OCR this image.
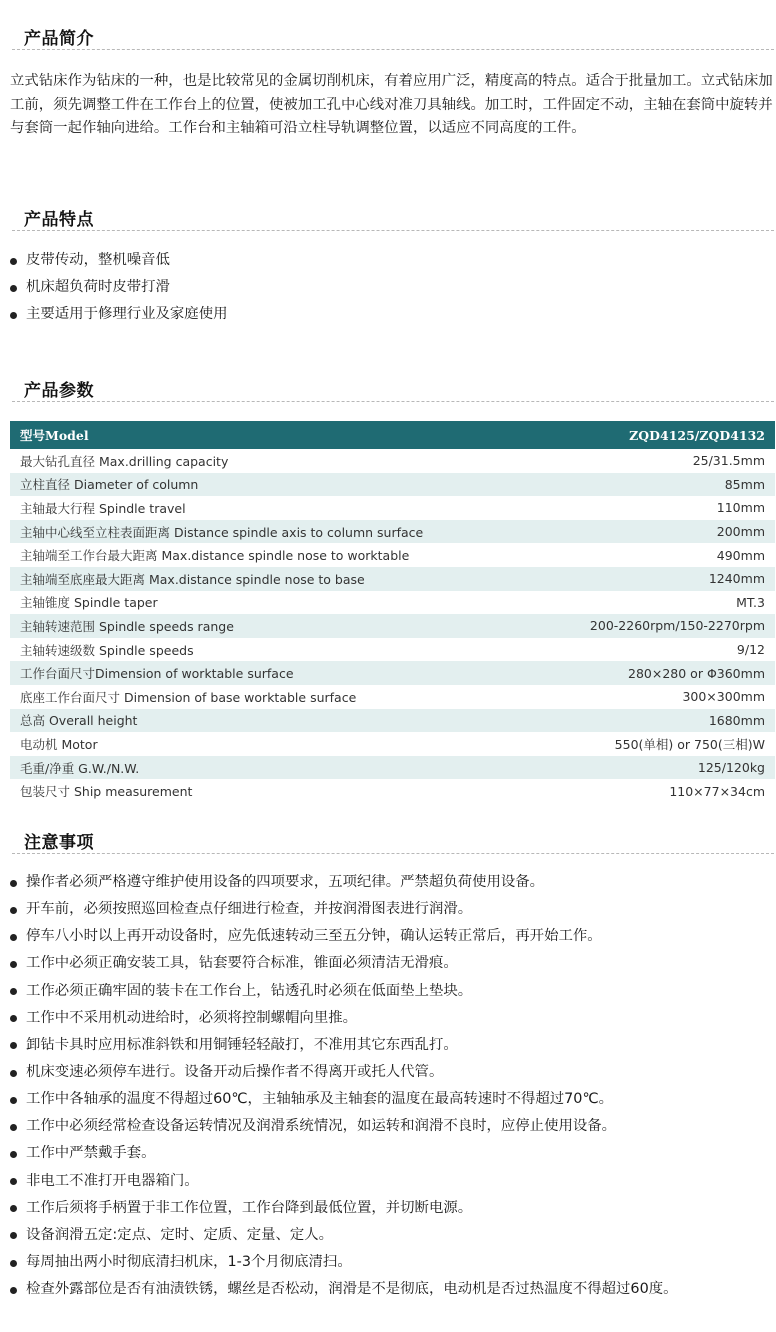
产品简介

立式钻床作为钻床的一种，也是比较常见的金属切削机床，有着应用广泛，精度高的特点。适合于批量加工。立式钻床加工前，须先调整工件在工作台上的位置，使被加工孔中心线对准刀具轴线。加工时，工件固定不动，主轴在套筒中旋转并与套筒一起作轴向进给。工作台和主轴箱可沿立柱导轨调整位置，以适应不同高度的工件。

产品特点
皮带传动，整机噪音低
机床超负荷时皮带打滑
主要适用于修理行业及家庭使用
产品参数
型号Model	ZQD4125/ZQD4132
最大钻孔直径 Max.drilling capacity	25/31.5mm
立柱直径 Diameter of column	85mm
主轴最大行程 Spindle travel	110mm
主轴中心线至立柱表面距离 Distance spindle axis to column surface	200mm
主轴端至工作台最大距离 Max.distance spindle nose to worktable	490mm
主轴端至底座最大距离 Max.distance spindle nose to base	1240mm
主轴锥度 Spindle taper	MT.3
主轴转速范围 Spindle speeds range	200-2260rpm/150-2270rpm
主轴转速级数 Spindle speeds	9/12
工作台面尺寸Dimension of worktable surface	280×280 or Φ360mm
底座工作台面尺寸 Dimension of base worktable surface	300×300mm
总高 Overall height	1680mm
电动机 Motor	550(单相) or 750(三相)W
毛重/净重 G.W./N.W.	125/120kg
包装尺寸 Ship measurement	110×77×34cm
注意事项
操作者必须严格遵守维护使用设备的四项要求，五项纪律。严禁超负荷使用设备。
开车前，必须按照巡回检查点仔细进行检查，并按润滑图表进行润滑。
停车八小时以上再开动设备时，应先低速转动三至五分钟，确认运转正常后，再开始工作。
工作中必须正确安装工具，钻套要符合标准，锥面必须清洁无滑痕。
工作必须正确牢固的装卡在工作台上，钻透孔时必须在低面垫上垫块。
工作中不采用机动进给时，必须将控制螺帽向里推。
卸钻卡具时应用标准斜铁和用铜锤轻轻敲打，不准用其它东西乱打。
机床变速必须停车进行。设备开动后操作者不得离开或托人代管。
工作中各轴承的温度不得超过60℃，主轴轴承及主轴套的温度在最高转速时不得超过70℃。
工作中必须经常检查设备运转情况及润滑系统情况，如运转和润滑不良时，应停止使用设备。
工作中严禁戴手套。
非电工不准打开电器箱门。
工作后须将手柄置于非工作位置，工作台降到最低位置，并切断电源。
设备润滑五定:定点、定时、定质、定量、定人。
每周抽出两小时彻底清扫机床，1-3个月彻底清扫。
检查外露部位是否有油渍铁锈，螺丝是否松动，润滑是不是彻底，电动机是否过热温度不得超过60度。
